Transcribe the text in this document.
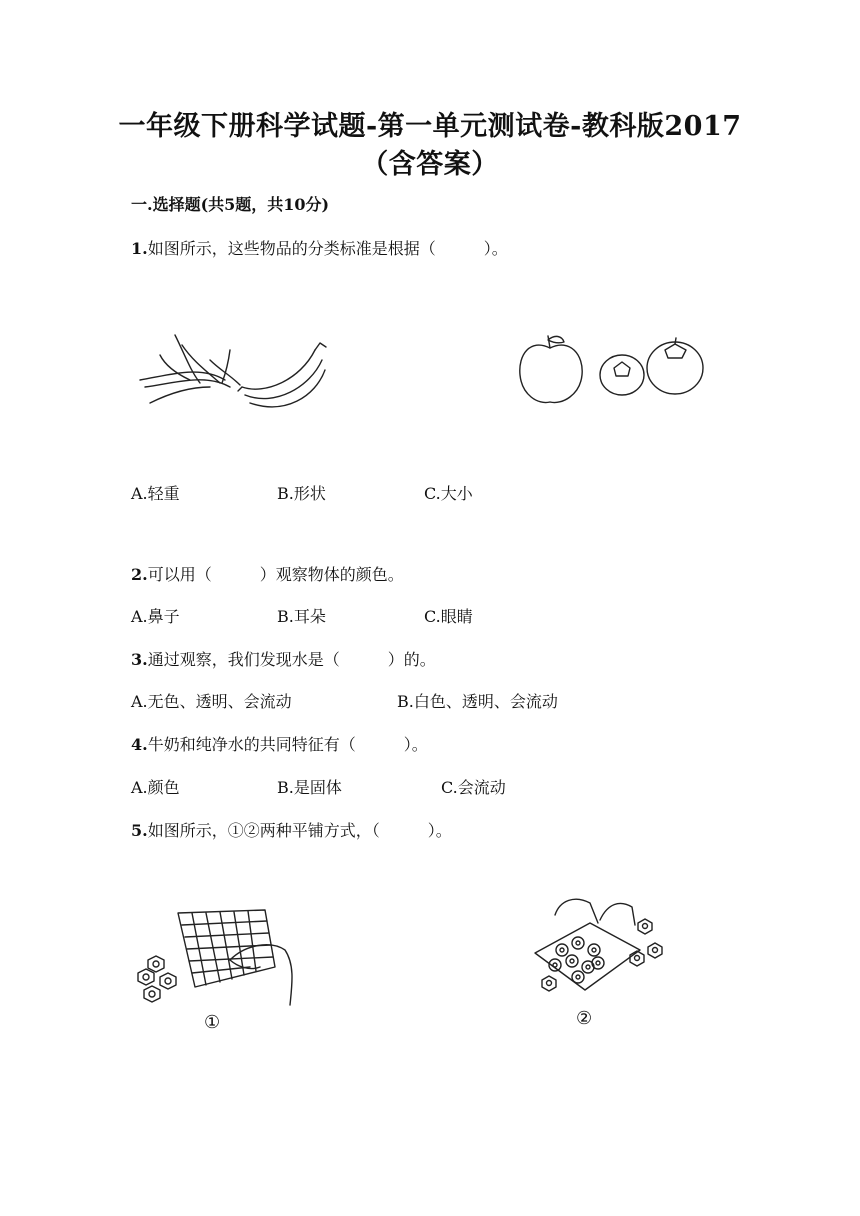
一年级下册科学试题-第一单元测试卷-教科版2017
（含答案）
一.选择题(共5题，共10分)
1.如图所示，这些物品的分类标准是根据（　　　）。
A.轻重	B.形状	C.大小
2.可以用（　　　）观察物体的颜色。
A.鼻子	B.耳朵	C.眼睛
3.通过观察，我们发现水是（　　　）的。
A.无色、透明、会流动	B.白色、透明、会流动
4.牛奶和纯净水的共同特征有（　　　）。
A.颜色	B.是固体	C.会流动
5.如图所示，①②两种平铺方式，（　　　）。
①	②
